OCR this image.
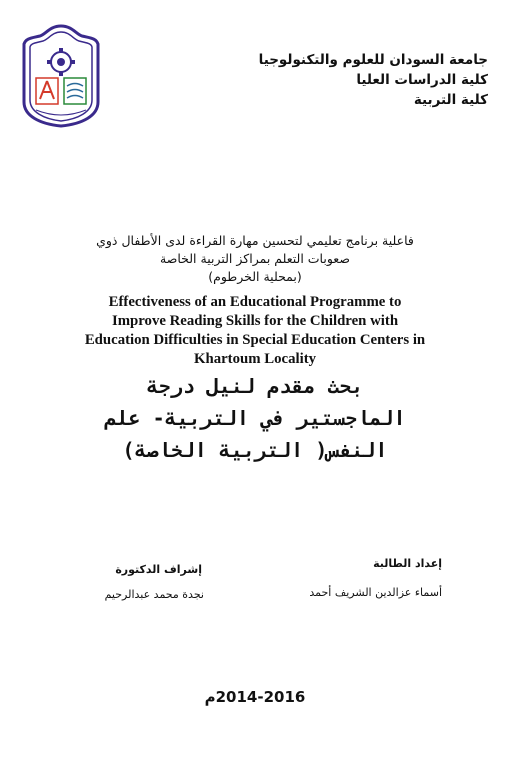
جامعة السودان للعلوم والتكنولوجيا
كلية الدراسات العليا
كلية التربية
فاعلية برنامج تعليمي لتحسين مهارة القراءة لدى الأطفال ذوي
صعوبات التعلم بمراكز التربية الخاصة
(بمحلية الخرطوم)
Effectiveness of an Educational Programme to
Improve Reading Skills for the Children with
Education Difficulties in Special Education Centers in
Khartoum Locality
بحث مقدم لنيل درجة
الماجستير في التربية- علم
النفس( التربية الخاصة)
إعداد الطالبة
أسماء عزالدين الشريف أحمد
إشراف الدكتورة
نجدة محمد عبدالرحيم
2014-2016م
